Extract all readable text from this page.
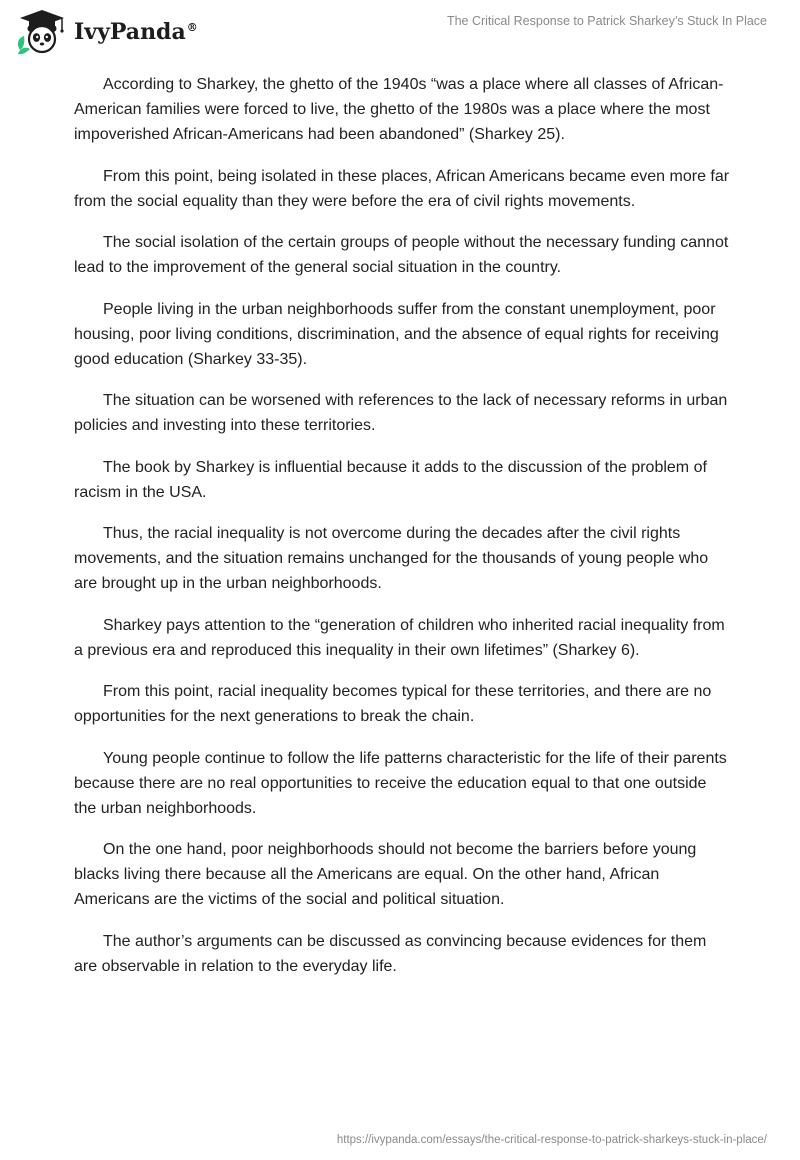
IvyPanda®	The Critical Response to Patrick Sharkey’s Stuck In Place

According to Sharkey, the ghetto of the 1940s “was a place where all classes of African-American families were forced to live, the ghetto of the 1980s was a place where the most impoverished African-Americans had been abandoned” (Sharkey 25).

From this point, being isolated in these places, African Americans became even more far from the social equality than they were before the era of civil rights movements.

The social isolation of the certain groups of people without the necessary funding cannot lead to the improvement of the general social situation in the country.

People living in the urban neighborhoods suffer from the constant unemployment, poor housing, poor living conditions, discrimination, and the absence of equal rights for receiving good education (Sharkey 33-35).

The situation can be worsened with references to the lack of necessary reforms in urban policies and investing into these territories.

The book by Sharkey is influential because it adds to the discussion of the problem of racism in the USA.

Thus, the racial inequality is not overcome during the decades after the civil rights movements, and the situation remains unchanged for the thousands of young people who are brought up in the urban neighborhoods.

Sharkey pays attention to the “generation of children who inherited racial inequality from a previous era and reproduced this inequality in their own lifetimes” (Sharkey 6).

From this point, racial inequality becomes typical for these territories, and there are no opportunities for the next generations to break the chain.

Young people continue to follow the life patterns characteristic for the life of their parents because there are no real opportunities to receive the education equal to that one outside the urban neighborhoods.

On the one hand, poor neighborhoods should not become the barriers before young blacks living there because all the Americans are equal. On the other hand, African Americans are the victims of the social and political situation.

The author’s arguments can be discussed as convincing because evidences for them are observable in relation to the everyday life.

https://ivypanda.com/essays/the-critical-response-to-patrick-sharkeys-stuck-in-place/
